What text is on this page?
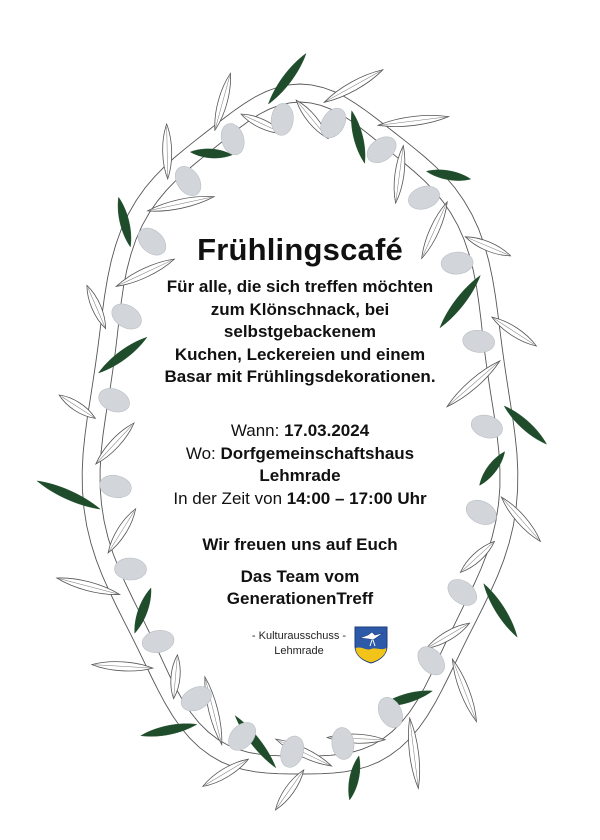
Frühlingscafé
Für alle, die sich treffen möchten
zum Klönschnack, bei
selbstgebackenem
Kuchen, Leckereien und einem
Basar mit Frühlingsdekorationen.
Wann: 17.03.2024
Wo: Dorfgemeinschaftshaus
Lehmrade
In der Zeit von 14:00 – 17:00 Uhr
Wir freuen uns auf Euch
Das Team vom
GenerationenTreff
- Kulturausschuss -
Lehmrade
